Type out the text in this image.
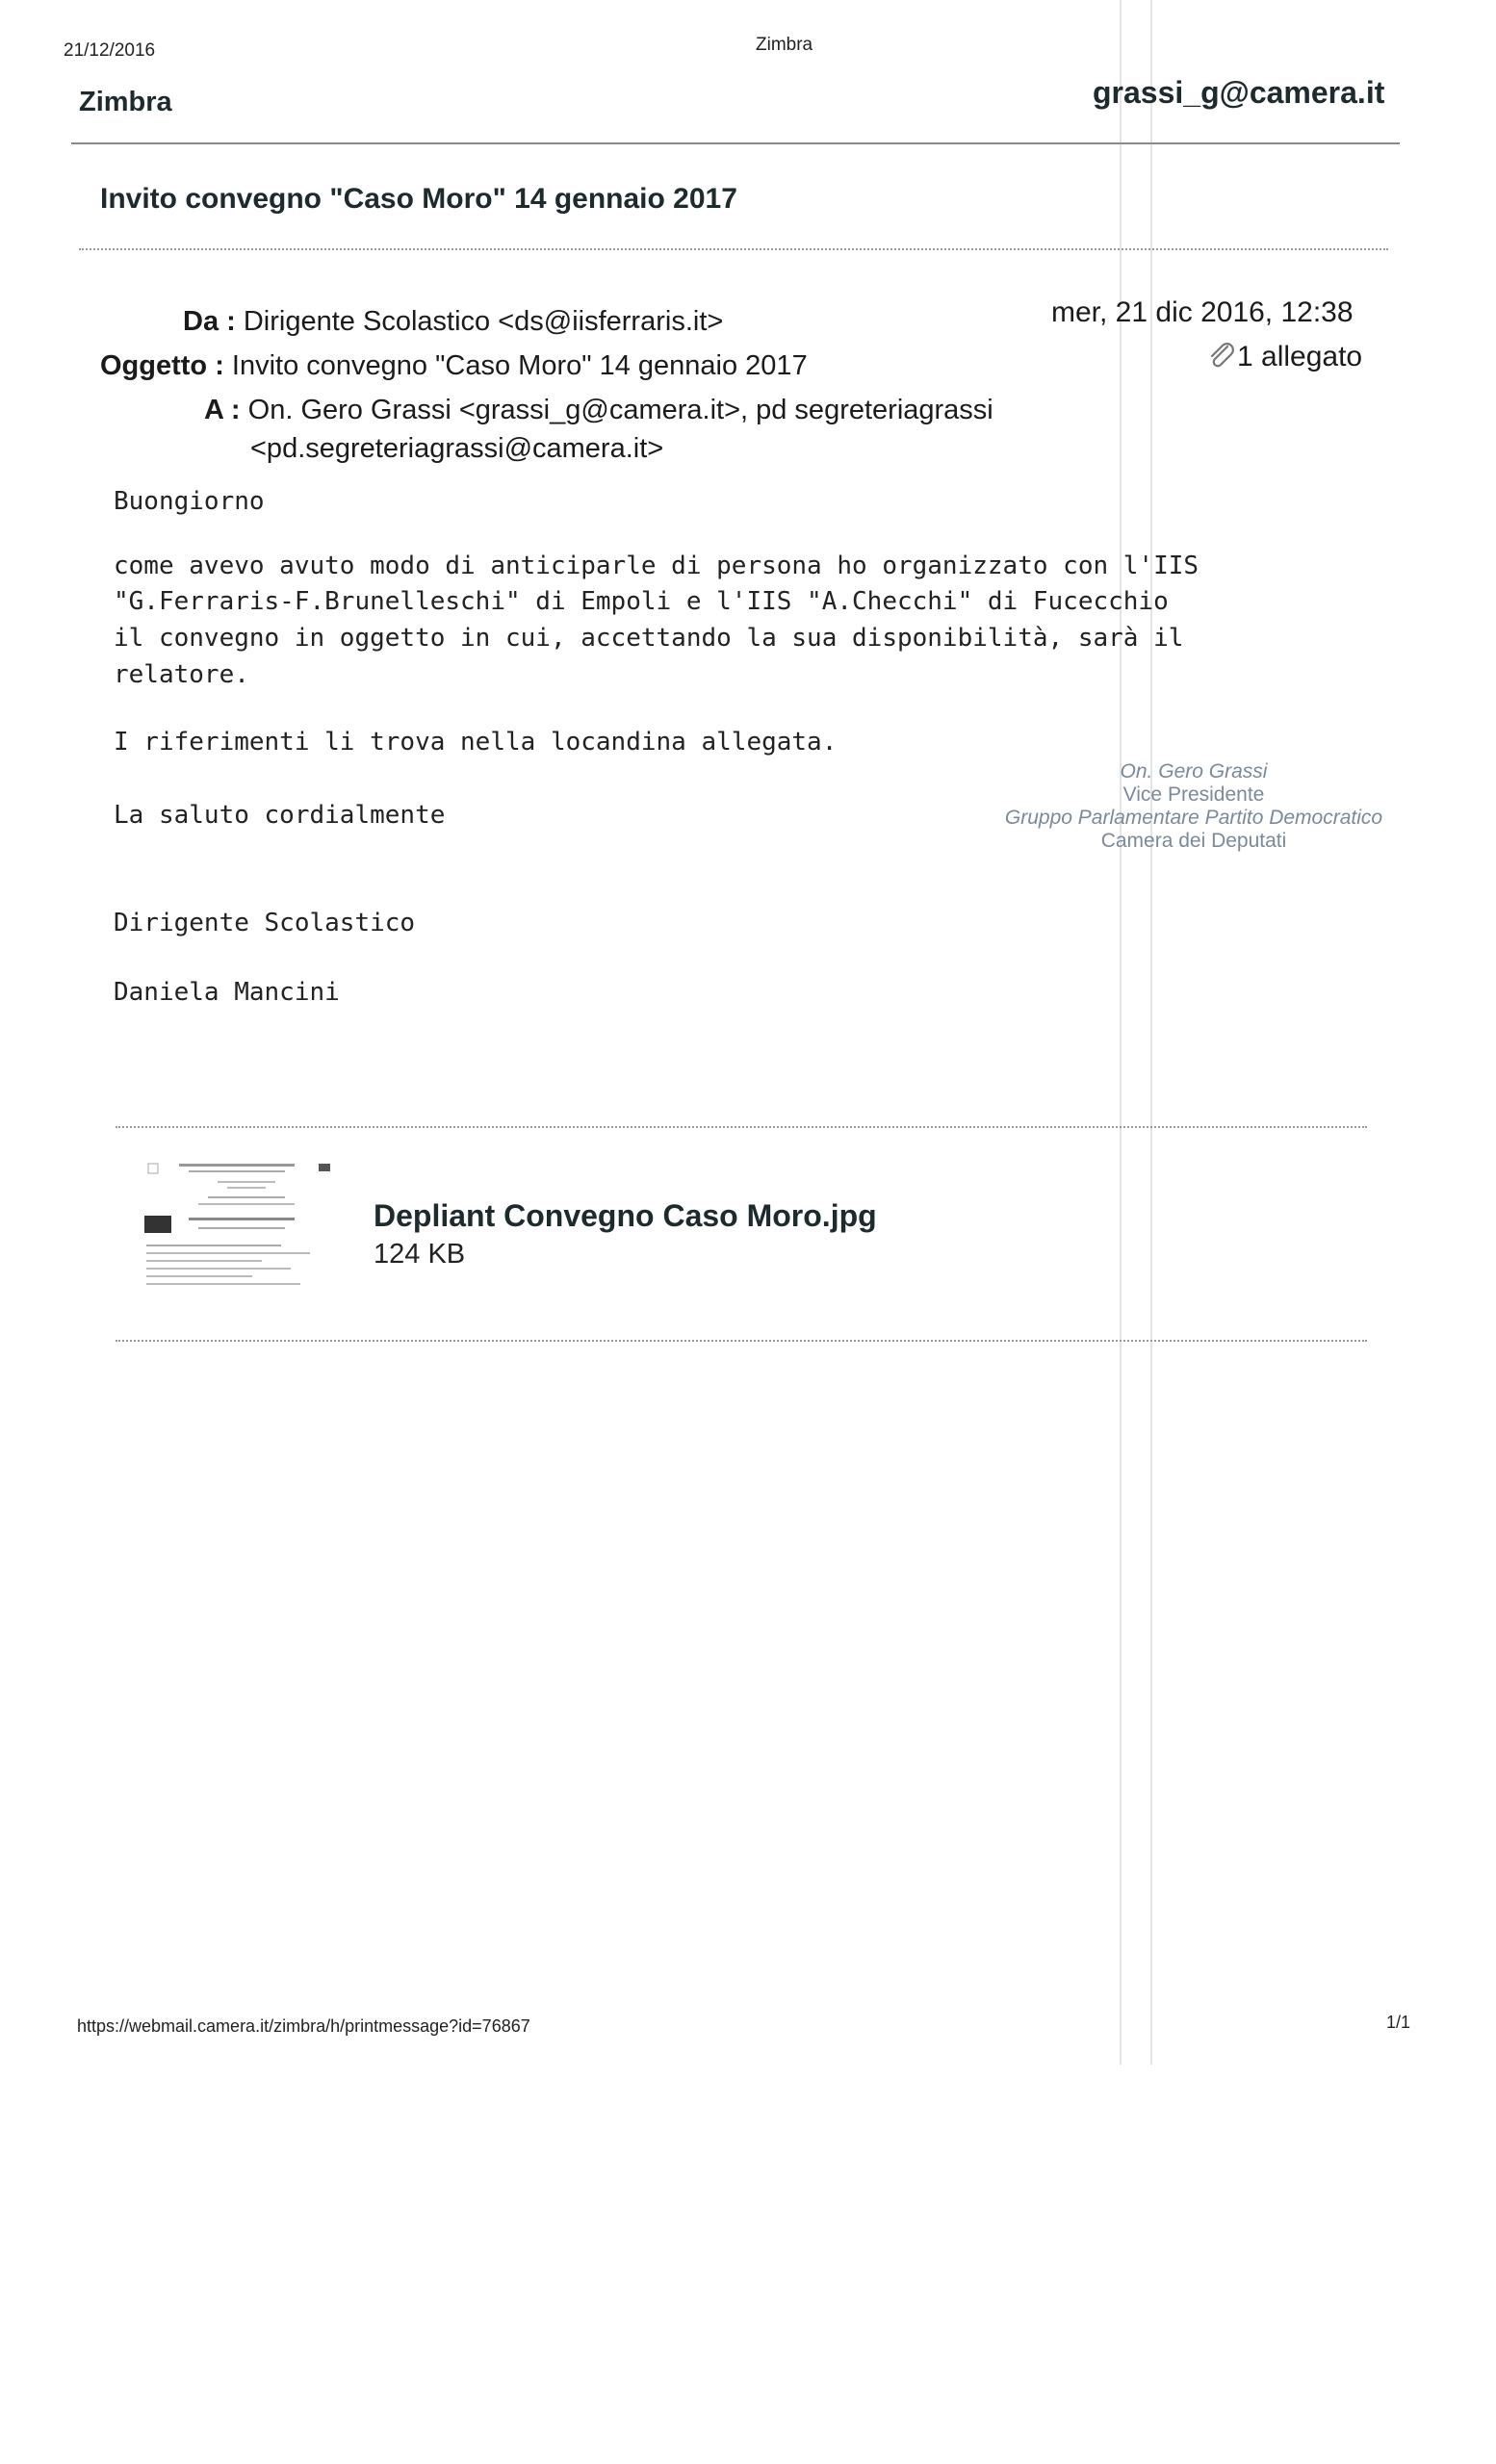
21/12/2016	Zimbra
Zimbra	grassi_g@camera.it
Invito convegno "Caso Moro" 14 gennaio 2017
Da : Dirigente Scolastico <ds@iisferraris.it>
Oggetto : Invito convegno "Caso Moro" 14 gennaio 2017
A : On. Gero Grassi <grassi_g@camera.it>, pd segreteriagrassi
<pd.segreteriagrassi@camera.it>
mer, 21 dic 2016, 12:38
1 allegato
Buongiorno
come avevo avuto modo di anticiparle di persona ho organizzato con l'IIS
"G.Ferraris-F.Brunelleschi" di Empoli e l'IIS "A.Checchi" di Fucecchio
il convegno in oggetto in cui, accettando la sua disponibilità, sarà il
relatore.
I riferimenti li trova nella locandina allegata.
La saluto cordialmente
Dirigente Scolastico
Daniela Mancini
On. Gero Grassi
Vice Presidente
Gruppo Parlamentare Partito Democratico
Camera dei Deputati
Depliant Convegno Caso Moro.jpg
124 KB
https://webmail.camera.it/zimbra/h/printmessage?id=76867	1/1
